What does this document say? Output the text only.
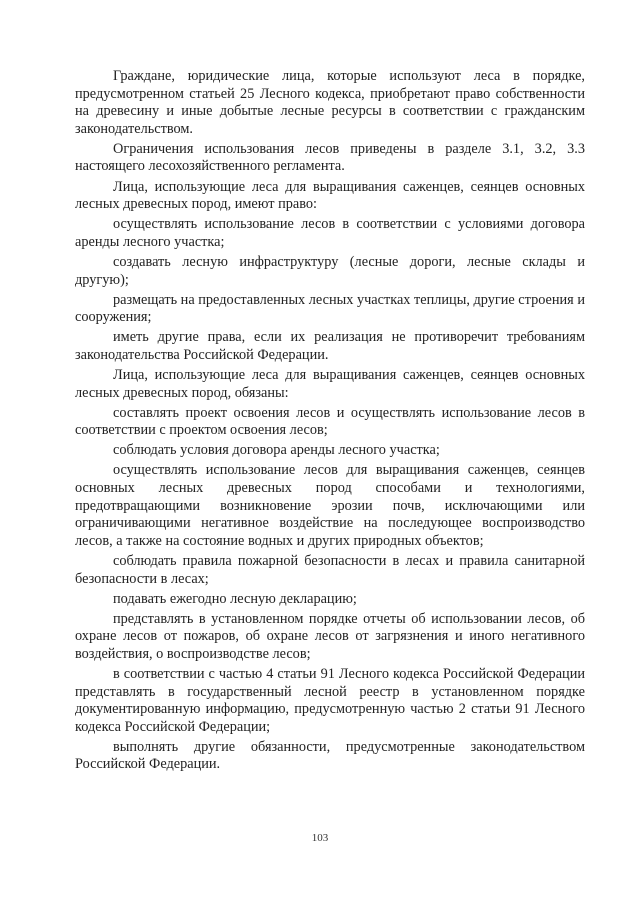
Граждане, юридические лица, которые используют леса в порядке, предусмотренном статьей 25 Лесного кодекса, приобретают право собственности на древесину и иные добытые лесные ресурсы в соответствии с гражданским законодательством.

Ограничения использования лесов приведены в разделе 3.1, 3.2, 3.3 настоящего лесохозяйственного регламента.

Лица, использующие леса для выращивания саженцев, сеянцев основных лесных древесных пород, имеют право:

осуществлять использование лесов в соответствии с условиями договора аренды лесного участка;

создавать лесную инфраструктуру (лесные дороги, лесные склады и другую);

размещать на предоставленных лесных участках теплицы, другие строения и сооружения;

иметь другие права, если их реализация не противоречит требованиям законодательства Российской Федерации.

Лица, использующие леса для выращивания саженцев, сеянцев основных лесных древесных пород, обязаны:

составлять проект освоения лесов и осуществлять использование лесов в соответствии с проектом освоения лесов;

соблюдать условия договора аренды лесного участка;

осуществлять использование лесов для выращивания саженцев, сеянцев основных лесных древесных пород способами и технологиями, предотвращающими возникновение эрозии почв, исключающими или ограничивающими негативное воздействие на последующее воспроизводство лесов, а также на состояние водных и других природных объектов;

соблюдать правила пожарной безопасности в лесах и правила санитарной безопасности в лесах;

подавать ежегодно лесную декларацию;

представлять в установленном порядке отчеты об использовании лесов, об охране лесов от пожаров, об охране лесов от загрязнения и иного негативного воздействия, о воспроизводстве лесов;

в соответствии с частью 4 статьи 91 Лесного кодекса Российской Федерации представлять в государственный лесной реестр в установленном порядке документированную информацию, предусмотренную частью 2 статьи 91 Лесного кодекса Российской Федерации;

выполнять другие обязанности, предусмотренные законодательством Российской Федерации.

103
